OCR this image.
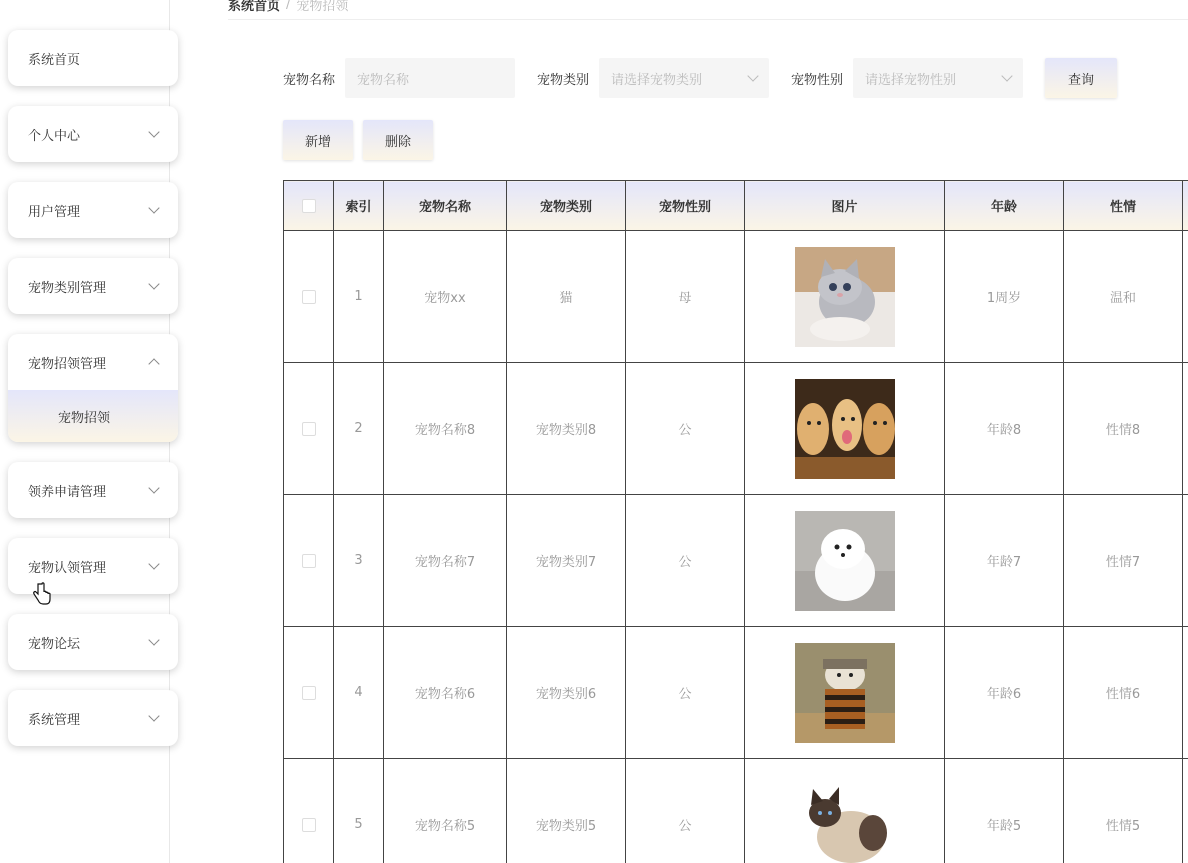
系统首页
个人中心
用户管理
宠物类别管理
宠物招领管理
宠物招领
领养申请管理
宠物认领管理
宠物论坛
系统管理
系统首页 / 宠物招领
宠物名称 宠物名称	宠物类别 请选择宠物类别	宠物性别 请选择宠物性别	查询
新增	删除
	索引	宠物名称	宠物类别	宠物性别	图片	年龄	性情	
	1	宠物xx	猫	母		1周岁	温和	
	2	宠物名称8	宠物类别8	公		年龄8	性情8	
	3	宠物名称7	宠物类别7	公		年龄7	性情7	
	4	宠物名称6	宠物类别6	公		年龄6	性情6	
	5	宠物名称5	宠物类别5	公		年龄5	性情5	
